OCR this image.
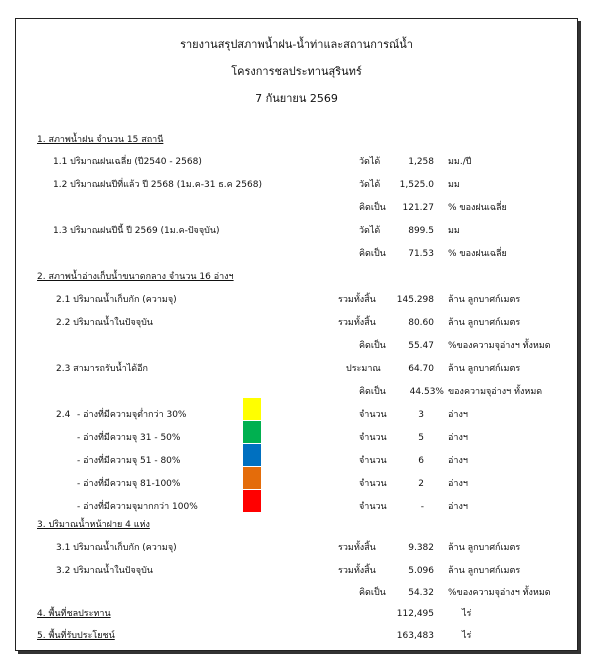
รายงานสรุปสภาพน้ำฝน-น้ำท่าและสถานการณ์น้ำ
โครงการชลประทานสุรินทร์
7 กันยายน 2569
1. สภาพน้ำฝน จำนวน 15 สถานี
1.1 ปริมาณฝนเฉลี่ย (ปี2540 - 2568)	วัดได้	1,258 มม./ปี
1.2 ปริมาณฝนปีที่แล้ว ปี 2568 (1ม.ค-31 ธ.ค 2568)	วัดได้	1,525.0 มม
คิดเป็น	121.27 % ของฝนเฉลี่ย
1.3 ปริมาณฝนปีนี้ ปี 2569 (1ม.ค-ปัจจุบัน)	วัดได้	899.5 มม
คิดเป็น	71.53 % ของฝนเฉลี่ย
2. สภาพน้ำอ่างเก็บน้ำขนาดกลาง จำนวน 16 อ่างฯ
2.1 ปริมาณน้ำเก็บกัก (ความจุ)	รวมทั้งสิ้น	145.298 ล้าน ลูกบาศก์เมตร
2.2 ปริมาณน้ำในปัจจุบัน	รวมทั้งสิ้น	80.60 ล้าน ลูกบาศก์เมตร
คิดเป็น	55.47 %ของความจุอ่างฯ ทั้งหมด
2.3 สามารถรับน้ำได้อีก	ประมาณ	64.70 ล้าน ลูกบาศก์เมตร
คิดเป็น	44.53% ของความจุอ่างฯ ทั้งหมด
2.4 - อ่างที่มีความจุต่ำกว่า 30%	จำนวน	3	อ่างฯ
- อ่างที่มีความจุ 31 - 50%	จำนวน	5	อ่างฯ
- อ่างที่มีความจุ 51 - 80%	จำนวน	6	อ่างฯ
- อ่างที่มีความจุ 81-100%	จำนวน	2	อ่างฯ
- อ่างที่มีความจุมากกว่า 100%	จำนวน	-	อ่างฯ
3. ปริมาณน้ำหน้าฝาย 4 แห่ง
3.1 ปริมาณน้ำเก็บกัก (ความจุ)	รวมทั้งสิ้น	9.382 ล้าน ลูกบาศก์เมตร
3.2 ปริมาณน้ำในปัจจุบัน	รวมทั้งสิ้น	5.096 ล้าน ลูกบาศก์เมตร
คิดเป็น	54.32 %ของความจุอ่างฯ ทั้งหมด
4. พื้นที่ชลประทาน	112,495	ไร่
5. พื้นที่รับประโยชน์	163,483	ไร่
